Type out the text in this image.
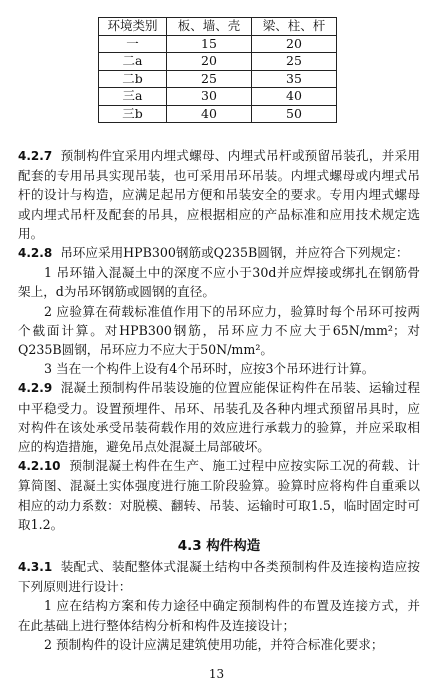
环境类别	板、墙、壳	梁、柱、杆
一	15	20
二a	20	25
二b	25	35
三a	30	40
三b	40	50

4.2.7 预制构件宜采用内埋式螺母、内埋式吊杆或预留吊装孔，并采用配套的专用吊具实现吊装，也可采用吊环吊装。内埋式螺母或内埋式吊杆的设计与构造，应满足起吊方便和吊装安全的要求。专用内埋式螺母或内埋式吊杆及配套的吊具，应根据相应的产品标准和应用技术规定选用。

4.2.8 吊环应采用HPB300钢筋或Q235B圆钢，并应符合下列规定：

1 吊环锚入混凝土中的深度不应小于30d并应焊接或绑扎在钢筋骨架上，d为吊环钢筋或圆钢的直径。

2 应验算在荷载标准值作用下的吊环应力，验算时每个吊环可按两个截面计算。对HPB300钢筋，吊环应力不应大于65N/mm²；对Q235B圆钢，吊环应力不应大于50N/mm²。

3 当在一个构件上设有4个吊环时，应按3个吊环进行计算。

4.2.9 混凝土预制构件吊装设施的位置应能保证构件在吊装、运输过程中平稳受力。设置预埋件、吊环、吊装孔及各种内埋式预留吊具时，应对构件在该处承受吊装荷载作用的效应进行承载力的验算，并应采取相应的构造措施，避免吊点处混凝土局部破坏。

4.2.10 预制混凝土构件在生产、施工过程中应按实际工况的荷载、计算简图、混凝土实体强度进行施工阶段验算。验算时应将构件自重乘以相应的动力系数：对脱模、翻转、吊装、运输时可取1.5，临时固定时可取1.2。

4.3 构件构造

4.3.1 装配式、装配整体式混凝土结构中各类预制构件及连接构造应按下列原则进行设计：

1 应在结构方案和传力途径中确定预制构件的布置及连接方式，并在此基础上进行整体结构分析和构件及连接设计；

2 预制构件的设计应满足建筑使用功能，并符合标准化要求；

13
